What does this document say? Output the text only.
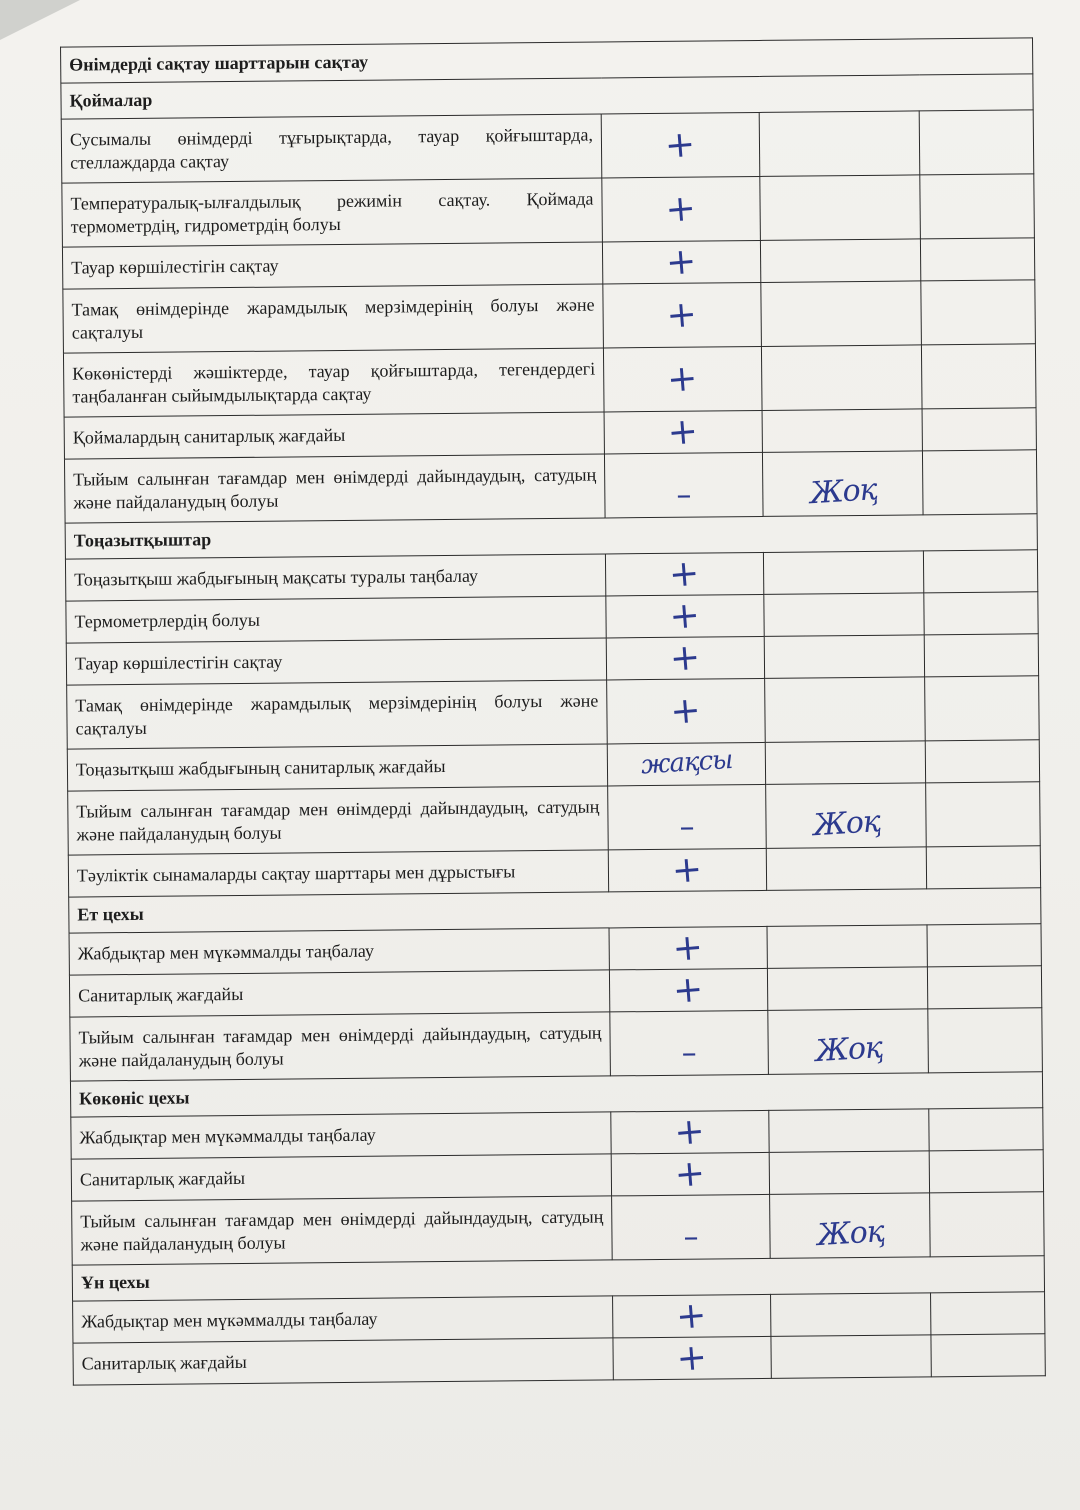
Өнімдерді сақтау шарттарын сақтау			
Қоймалар			
Сусымалы өнімдерді тұғырықтарда, тауар қойғыштарда, стеллаждарда сақтау	+		
Температуралық-ылғалдылық режимін сақтау. Қоймада термометрдің, гидрометрдің болуы	+		
Тауар көршілестігін сақтау	+		
Тамақ өнімдерінде жарамдылық мерзімдерінің болуы және сақталуы	+		
Көкөністерді жәшіктерде, тауар қойғыштарда, тегендердегі таңбаланған сыйымдылықтарда сақтау	+		
Қоймалардың санитарлық жағдайы	+		
Тыйым салынған тағамдар мен өнімдерді дайындаудың, сатудың және пайдаланудың болуы	–	Жоқ	
Тоңазытқыштар			
Тоңазытқыш жабдығының мақсаты туралы таңбалау	+		
Термометрлердің болуы	+		
Тауар көршілестігін сақтау	+		
Тамақ өнімдерінде жарамдылық мерзімдерінің болуы және сақталуы	+		
Тоңазытқыш жабдығының санитарлық жағдайы	жақсы		
Тыйым салынған тағамдар мен өнімдерді дайындаудың, сатудың және пайдаланудың болуы	–	Жоқ	
Тәуліктік сынамаларды сақтау шарттары мен дұрыстығы	+		
Ет цехы			
Жабдықтар мен мүкәммалды таңбалау	+		
Санитарлық жағдайы	+		
Тыйым салынған тағамдар мен өнімдерді дайындаудың, сатудың және пайдаланудың болуы	–	Жоқ	
Көкөніс цехы			
Жабдықтар мен мүкәммалды таңбалау	+		
Санитарлық жағдайы	+		
Тыйым салынған тағамдар мен өнімдерді дайындаудың, сатудың және пайдаланудың болуы	–	Жоқ	
Ұн цехы			
Жабдықтар мен мүкәммалды таңбалау	+		
Санитарлық жағдайы	+		
